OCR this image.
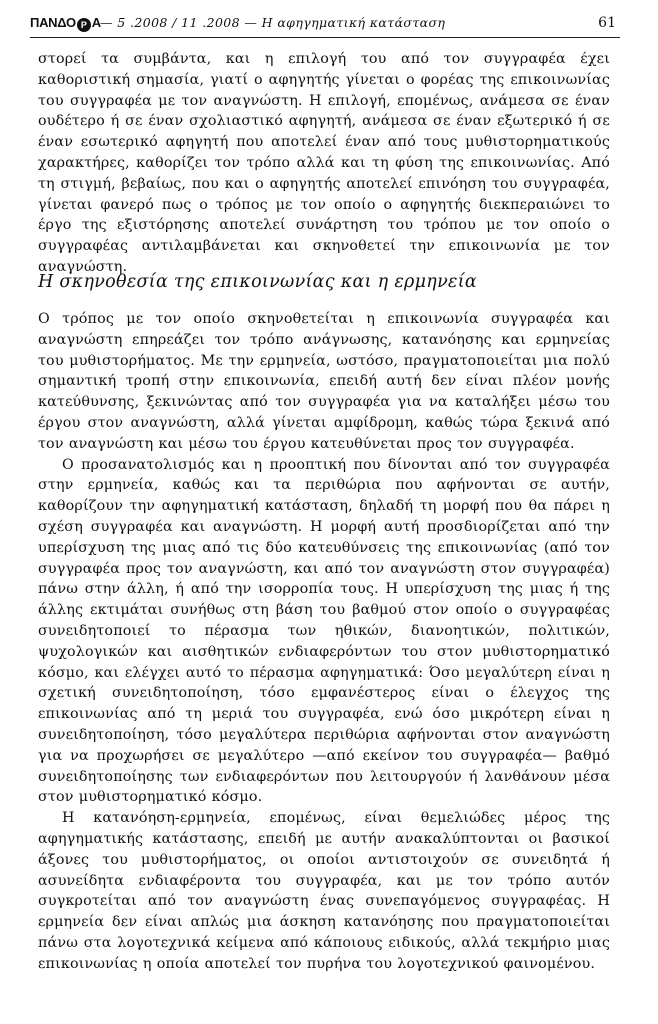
ΠΑΝΔΟ Ρ Α — 5 .2008 / 11 .2008 — Η αφηγηματική κατάσταση	61

στορεί τα συμβάντα, και η επιλογή του από τον συγγραφέα έχει καθοριστική σημασία, γιατί ο αφηγητής γίνεται ο φορέας της επικοινωνίας του συγγραφέα με τον αναγνώστη. Η επιλογή, επομένως, ανάμεσα σε έναν ουδέτερο ή σε έναν σχολιαστικό αφηγητή, ανάμεσα σε έναν εξωτερικό ή σε έναν εσωτερικό αφηγητή που αποτελεί έναν από τους μυθιστορηματικούς χαρακτήρες, καθορίζει τον τρόπο αλλά και τη φύση της επικοινωνίας. Από τη στιγμή, βεβαίως, που και ο αφηγητής αποτελεί επινόηση του συγγραφέα, γίνεται φανερό πως ο τρόπος με τον οποίο ο αφηγητής διεκπεραιώνει το έργο της εξιστόρησης αποτελεί συνάρτηση του τρόπου με τον οποίο ο συγγραφέας αντιλαμβάνεται και σκηνοθετεί την επικοινωνία με τον αναγνώστη.

Η σκηνοθεσία της επικοινωνίας και η ερμηνεία

Ο τρόπος με τον οποίο σκηνοθετείται η επικοινωνία συγγραφέα και αναγνώστη επηρεάζει τον τρόπο ανάγνωσης, κατανόησης και ερμηνείας του μυθιστορήματος. Με την ερμηνεία, ωστόσο, πραγματοποιείται μια πολύ σημαντική τροπή στην επικοινωνία, επειδή αυτή δεν είναι πλέον μονής κατεύθυνσης, ξεκινώντας από τον συγγραφέα για να καταλήξει μέσω του έργου στον αναγνώστη, αλλά γίνεται αμφίδρομη, καθώς τώρα ξεκινά από τον αναγνώστη και μέσω του έργου κατευθύνεται προς τον συγγραφέα.

Ο προσανατολισμός και η προοπτική που δίνονται από τον συγγραφέα στην ερμηνεία, καθώς και τα περιθώρια που αφήνονται σε αυτήν, καθορίζουν την αφηγηματική κατάσταση, δηλαδή τη μορφή που θα πάρει η σχέση συγγραφέα και αναγνώστη. Η μορφή αυτή προσδιορίζεται από την υπερίσχυση της μιας από τις δύο κατευθύνσεις της επικοινωνίας (από τον συγγραφέα προς τον αναγνώστη, και από τον αναγνώστη στον συγγραφέα) πάνω στην άλλη, ή από την ισορροπία τους. Η υπερίσχυση της μιας ή της άλλης εκτιμάται συνήθως στη βάση του βαθμού στον οποίο ο συγγραφέας συνειδητοποιεί το πέρασμα των ηθικών, διανοητικών, πολιτικών, ψυχολογικών και αισθητικών ενδιαφερόντων του στον μυθιστορηματικό κόσμο, και ελέγχει αυτό το πέρασμα αφηγηματικά: Όσο μεγαλύτερη είναι η σχετική συνειδητοποίηση, τόσο εμφανέστερος είναι ο έλεγχος της επικοινωνίας από τη μεριά του συγγραφέα, ενώ όσο μικρότερη είναι η συνειδητοποίηση, τόσο μεγαλύτερα περιθώρια αφήνονται στον αναγνώστη για να προχωρήσει σε μεγαλύτερο —από εκείνον του συγγραφέα— βαθμό συνειδητοποίησης των ενδιαφερόντων που λειτουργούν ή λανθάνουν μέσα στον μυθιστορηματικό κόσμο.

Η κατανόηση-ερμηνεία, επομένως, είναι θεμελιώδες μέρος της αφηγηματικής κατάστασης, επειδή με αυτήν ανακαλύπτονται οι βασικοί άξονες του μυθιστορήματος, οι οποίοι αντιστοιχούν σε συνειδητά ή ασυνείδητα ενδιαφέροντα του συγγραφέα, και με τον τρόπο αυτόν συγκροτείται από τον αναγνώστη ένας συνεπαγόμενος συγγραφέας. Η ερμηνεία δεν είναι απλώς μια άσκηση κατανόησης που πραγματοποιείται πάνω στα λογοτεχνικά κείμενα από κάποιους ειδικούς, αλλά τεκμήριο μιας επικοινωνίας η οποία αποτελεί τον πυρήνα του λογοτεχνικού φαινομένου.
